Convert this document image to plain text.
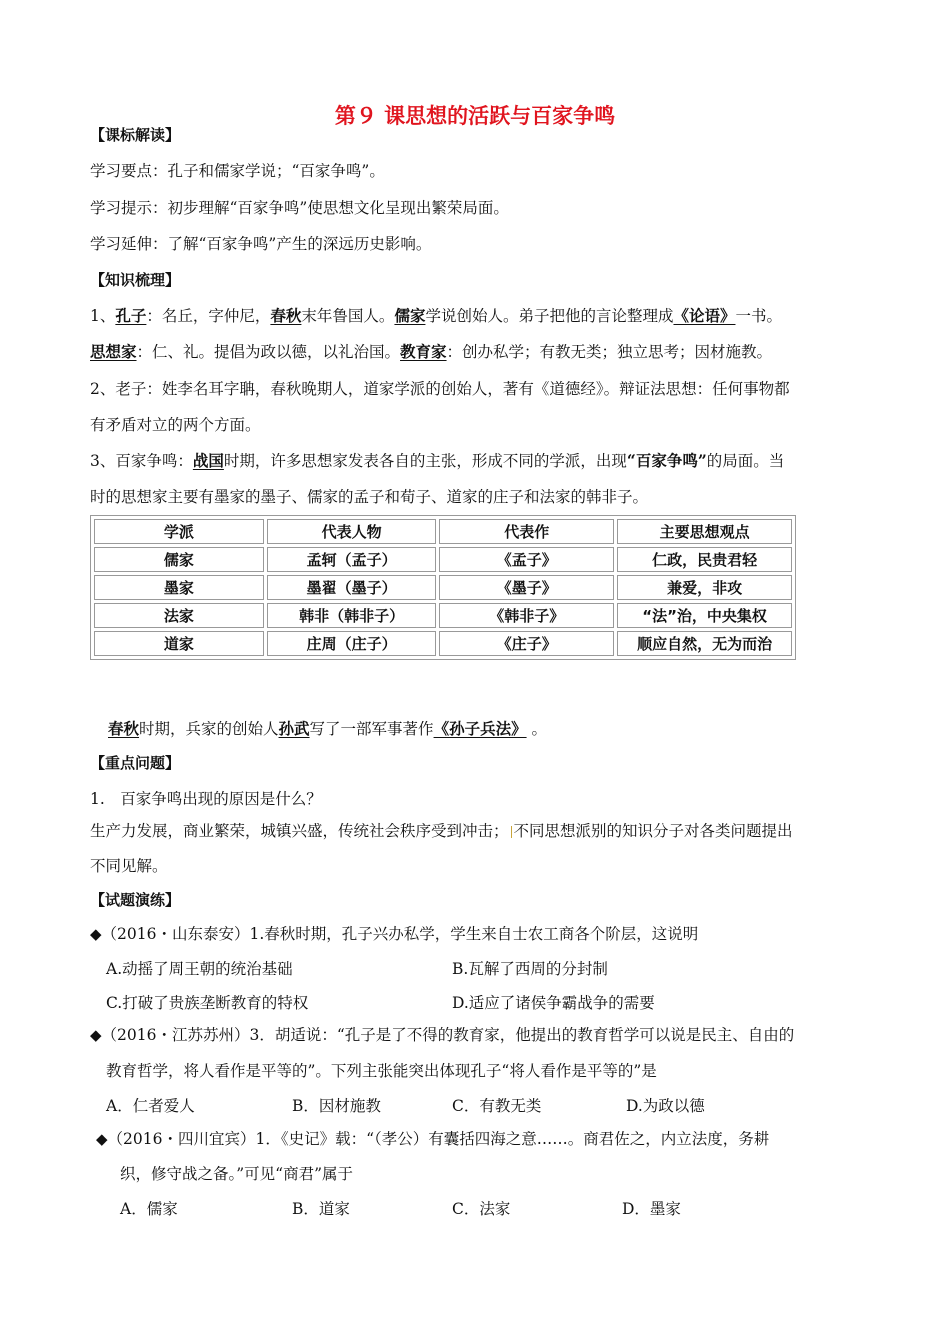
第９ 课思想的活跃与百家争鸣
【课标解读】
学习要点：孔子和儒家学说；“百家争鸣”。
学习提示：初步理解“百家争鸣”使思想文化呈现出繁荣局面。
学习延伸：了解“百家争鸣”产生的深远历史影响。
【知识梳理】
1、孔子：名丘，字仲尼，春秋末年鲁国人。儒家学说创始人。弟子把他的言论整理成《论语》一书。
思想家：仁、礼。提倡为政以德，以礼治国。教育家：创办私学；有教无类；独立思考；因材施教。
2、老子：姓李名耳字聃，春秋晚期人，道家学派的创始人，著有《道德经》。辩证法思想：任何事物都
有矛盾对立的两个方面。
3、百家争鸣：战国时期，许多思想家发表各自的主张，形成不同的学派，出现“百家争鸣”的局面。当
时的思想家主要有墨家的墨子、儒家的孟子和荀子、道家的庄子和法家的韩非子。
学派	代表人物	代表作	主要思想观点
儒家	孟轲（孟子）	《孟子》	仁政，民贵君轻
墨家	墨翟（墨子）	《墨子》	兼爱，非攻
法家	韩非（韩非子）	《韩非子》	“法”治，中央集权
道家	庄周（庄子）	《庄子》	顺应自然，无为而治
春秋时期，兵家的创始人孙武写了一部军事著作《孙子兵法》 。
【重点问题】
1.　百家争鸣出现的原因是什么？
生产力发展，商业繁荣，城镇兴盛，传统社会秩序受到冲击； 不同思想派别的知识分子对各类问题提出
不同见解。
【试题演练】
◆（2016・山东泰安）1.春秋时期，孔子兴办私学，学生来自士农工商各个阶层，这说明
A.动摇了周王朝的统治基础	B.瓦解了西周的分封制
C.打破了贵族垄断教育的特权	D.适应了诸侯争霸战争的需要
◆（2016・江苏苏州）3．胡适说：“孔子是了不得的教育家，他提出的教育哲学可以说是民主、自由的
教育哲学，将人看作是平等的”。下列主张能突出体现孔子“将人看作是平等的”是
A．仁者爱人	B．因材施教	C．有教无类	D.为政以德
◆（2016・四川宜宾）1．《史记》载：“（孝公）有囊括四海之意……。商君佐之，内立法度，务耕
织，修守战之备。”可见“商君”属于
A．儒家	B．道家	C．法家	D．墨家
